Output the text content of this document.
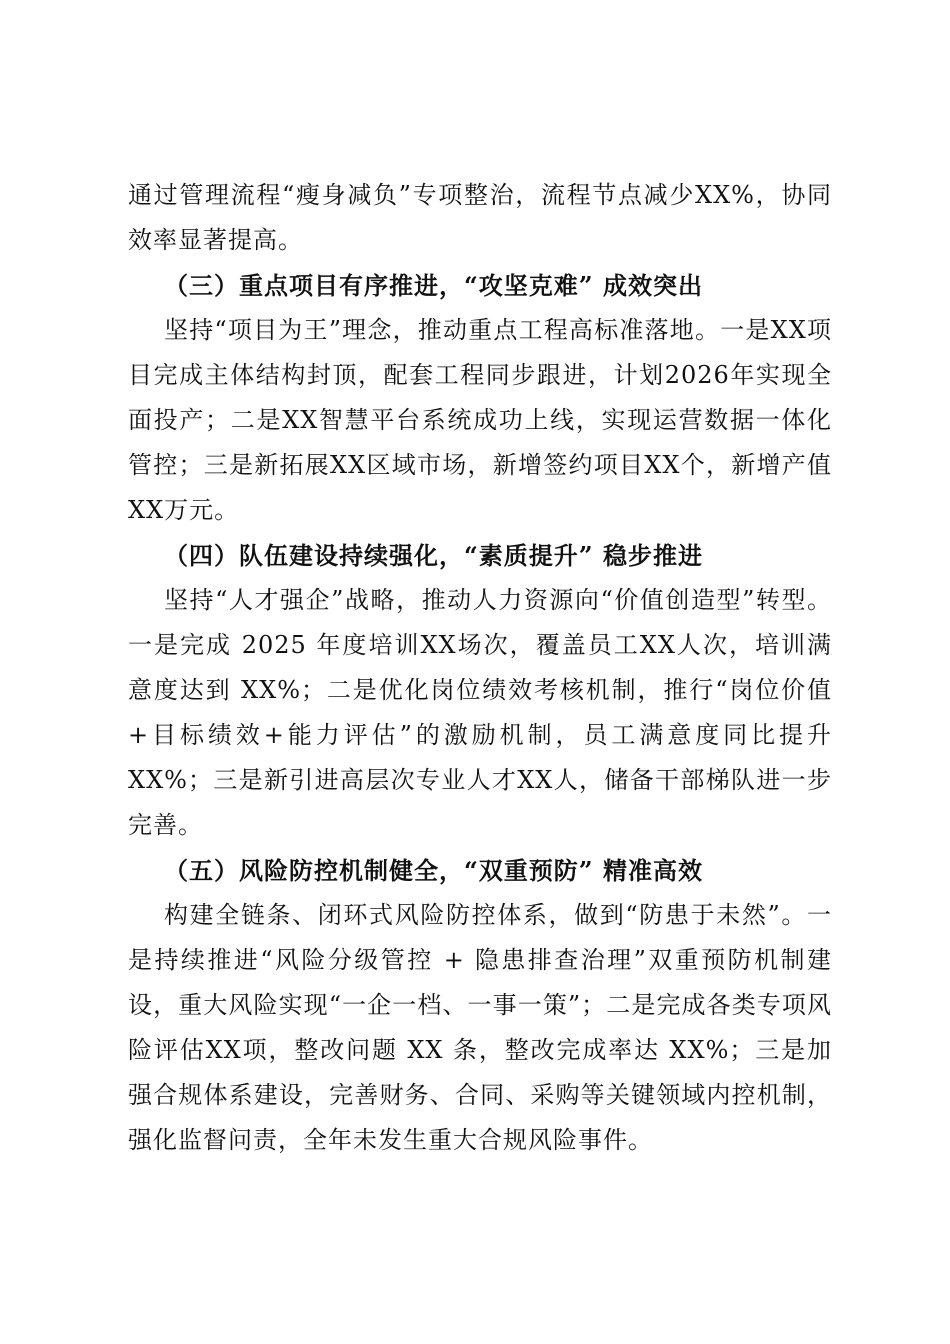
通过管理流程“瘦身减负”专项整治，流程节点减少XX%，协同效率显著提高。

（三）重点项目有序推进，“攻坚克难” 成效突出

坚持“项目为王”理念，推动重点工程高标准落地。一是XX项目完成主体结构封顶，配套工程同步跟进，计划2026年实现全面投产；二是XX智慧平台系统成功上线，实现运营数据一体化管控；三是新拓展XX区域市场，新增签约项目XX个，新增产值XX万元。

（四）队伍建设持续强化，“素质提升” 稳步推进

坚持“人才强企”战略，推动人力资源向“价值创造型”转型。一是完成 2025 年度培训XX场次，覆盖员工XX人次，培训满意度达到 XX%；二是优化岗位绩效考核机制，推行“岗位价值+目标绩效+能力评估”的激励机制，员工满意度同比提升XX%；三是新引进高层次专业人才XX人，储备干部梯队进一步完善。

（五）风险防控机制健全，“双重预防” 精准高效

构建全链条、闭环式风险防控体系，做到“防患于未然”。一是持续推进“风险分级管控 + 隐患排查治理”双重预防机制建设，重大风险实现“一企一档、一事一策”；二是完成各类专项风险评估XX项，整改问题 XX 条，整改完成率达 XX%；三是加强合规体系建设，完善财务、合同、采购等关键领域内控机制，强化监督问责，全年未发生重大合规风险事件。
